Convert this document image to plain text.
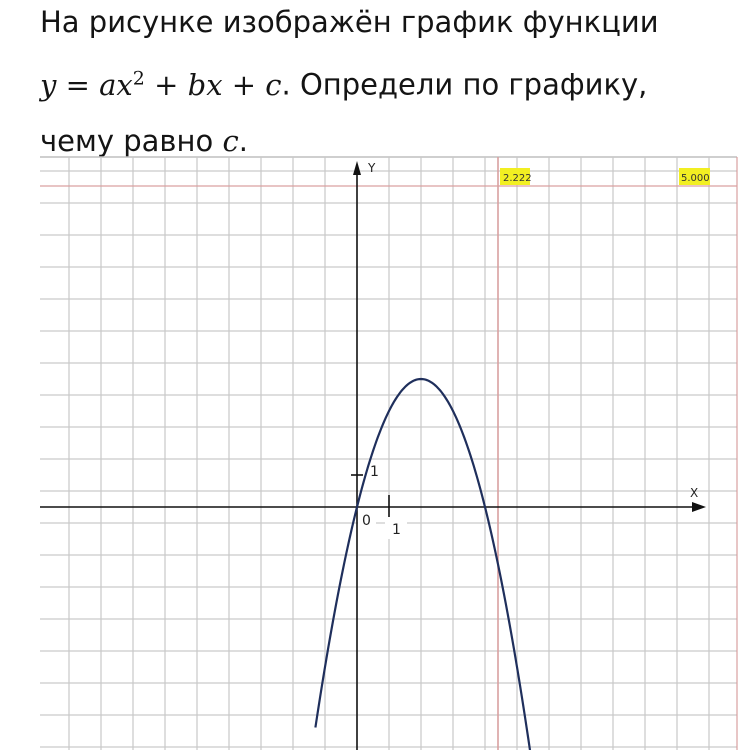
На рисунке изображён график функции
$y = ax^2$ + bx + c. Определи по графику,
чему равно c.
2.222	5.000
Y
X
0
1
1
